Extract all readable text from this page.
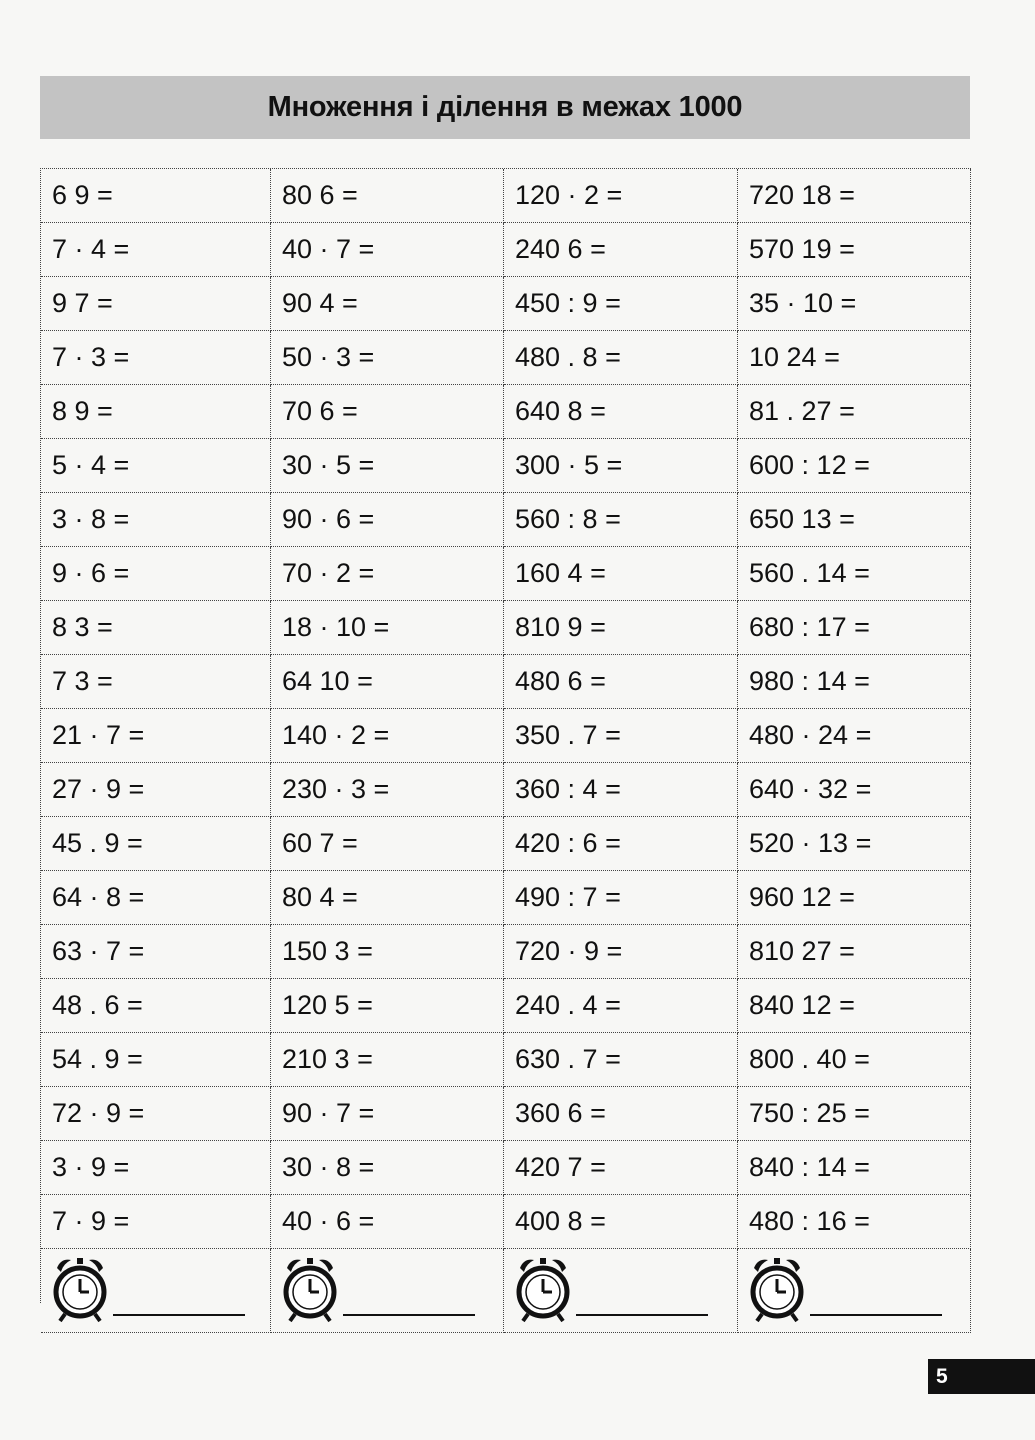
Множення і ділення в межах 1000
6 9 =	80 6 =	120 · 2 =	720 18 =
7 · 4 =	40 · 7 =	240 6 =	570 19 =
9 7 =	90 4 =	450 : 9 =	35 · 10 =
7 · 3 =	50 · 3 =	480 . 8 =	10 24 =
8 9 =	70 6 =	640 8 =	81 . 27 =
5 · 4 =	30 · 5 =	300 · 5 =	600 : 12 =
3 · 8 =	90 · 6 =	560 : 8 =	650 13 =
9 · 6 =	70 · 2 =	160 4 =	560 . 14 =
8 3 =	18 · 10 =	810 9 =	680 : 17 =
7 3 =	64 10 =	480 6 =	980 : 14 =
21 · 7 =	140 · 2 =	350 . 7 =	480 · 24 =
27 · 9 =	230 · 3 =	360 : 4 =	640 · 32 =
45 . 9 =	60 7 =	420 : 6 =	520 · 13 =
64 · 8 =	80 4 =	490 : 7 =	960 12 =
63 · 7 =	150 3 =	720 · 9 =	810 27 =
48 . 6 =	120 5 =	240 . 4 =	840 12 =
54 . 9 =	210 3 =	630 . 7 =	800 . 40 =
72 · 9 =	90 · 7 =	360 6 =	750 : 25 =
3 · 9 =	30 · 8 =	420 7 =	840 : 14 =
7 · 9 =	40 · 6 =	400 8 =	480 : 16 =
5
